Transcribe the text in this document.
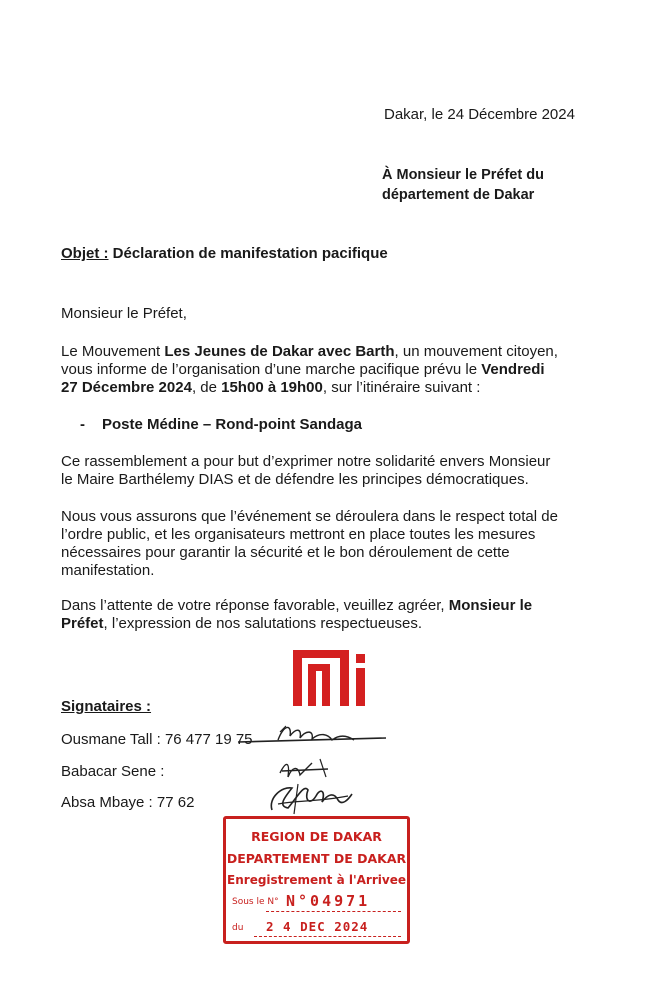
Dakar, le 24 Décembre 2024
À Monsieur le Préfet du
département de Dakar
Objet : Déclaration de manifestation pacifique
Monsieur le Préfet,
Le Mouvement Les Jeunes de Dakar avec Barth, un mouvement citoyen,
vous informe de l’organisation d’une marche pacifique prévu le Vendredi
27 Décembre 2024, de 15h00 à 19h00, sur l’itinéraire suivant :
- Poste Médine – Rond-point Sandaga
Ce rassemblement a pour but d’exprimer notre solidarité envers Monsieur
le Maire Barthélemy DIAS et de défendre les principes démocratiques.
Nous vous assurons que l’événement se déroulera dans le respect total de
l’ordre public, et les organisateurs mettront en place toutes les mesures
nécessaires pour garantir la sécurité et le bon déroulement de cette
manifestation.
Dans l’attente de votre réponse favorable, veuillez agréer, Monsieur le
Préfet, l’expression de nos salutations respectueuses.
Signataires :
Ousmane Tall : 76 477 19 75
Babacar Sene :
Absa Mbaye : 77 62
REGION DE DAKAR
DEPARTEMENT DE DAKAR
Enregistrement à l'Arrivee
Sous le N° N°04971
du 2 4 DEC 2024
